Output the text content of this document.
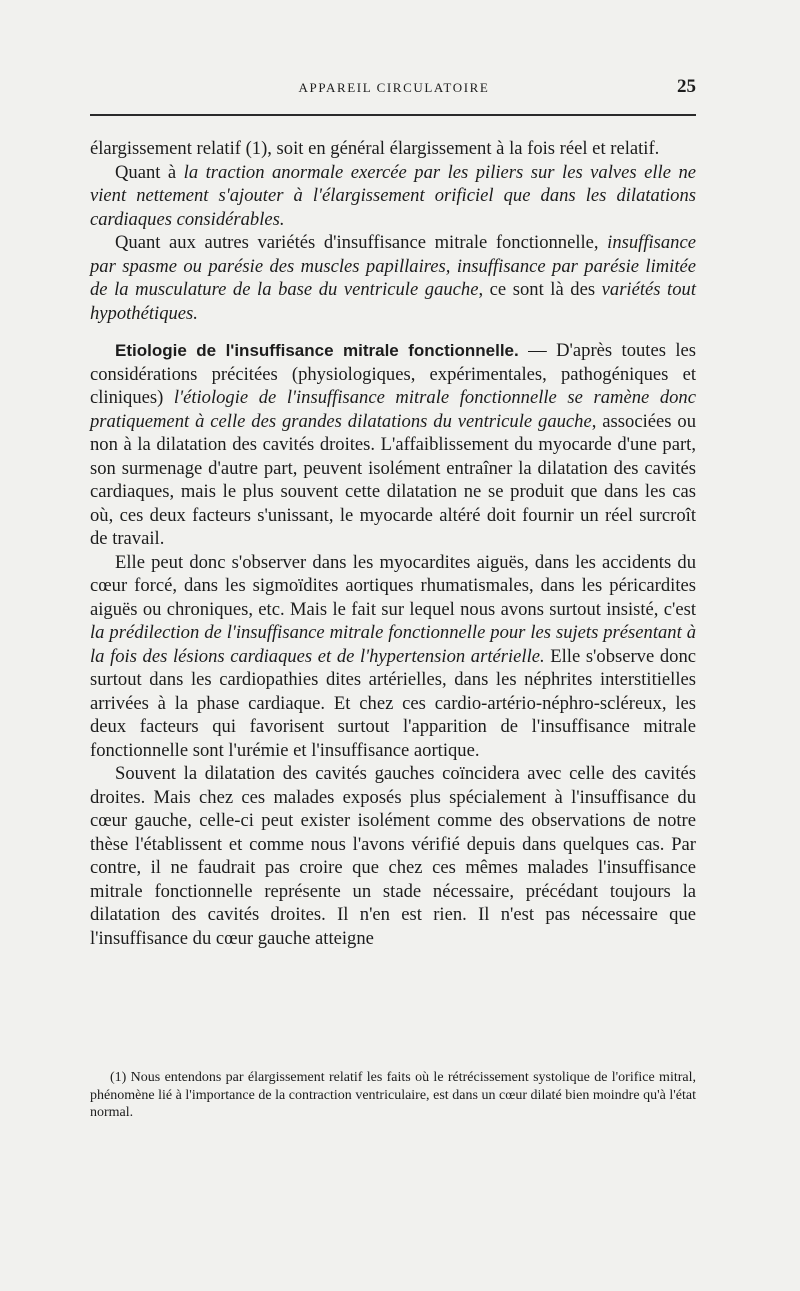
APPAREIL CIRCULATOIRE	25

élargissement relatif (1), soit en général élargissement à la fois réel et relatif.

Quant à la traction anormale exercée par les piliers sur les valves elle ne vient nettement s'ajouter à l'élargissement orificiel que dans les dilatations cardiaques considérables.

Quant aux autres variétés d'insuffisance mitrale fonctionnelle, insuffisance par spasme ou parésie des muscles papillaires, insuffisance par parésie limitée de la musculature de la base du ventricule gauche, ce sont là des variétés tout hypothétiques.

Etiologie de l'insuffisance mitrale fonctionnelle. — D'après toutes les considérations précitées (physiologiques, expérimentales, pathogéniques et cliniques) l'étiologie de l'insuffisance mitrale fonctionnelle se ramène donc pratiquement à celle des grandes dilatations du ventricule gauche, associées ou non à la dilatation des cavités droites. L'affaiblissement du myocarde d'une part, son surmenage d'autre part, peuvent isolément entraîner la dilatation des cavités cardiaques, mais le plus souvent cette dilatation ne se produit que dans les cas où, ces deux facteurs s'unissant, le myocarde altéré doit fournir un réel surcroît de travail.

Elle peut donc s'observer dans les myocardites aiguës, dans les accidents du cœur forcé, dans les sigmoïdites aortiques rhumatismales, dans les péricardites aiguës ou chroniques, etc. Mais le fait sur lequel nous avons surtout insisté, c'est la prédilection de l'insuffisance mitrale fonctionnelle pour les sujets présentant à la fois des lésions cardiaques et de l'hypertension artérielle. Elle s'observe donc surtout dans les cardiopathies dites artérielles, dans les néphrites interstitielles arrivées à la phase cardiaque. Et chez ces cardio-artério-néphro-scléreux, les deux facteurs qui favorisent surtout l'apparition de l'insuffisance mitrale fonctionnelle sont l'urémie et l'insuffisance aortique.

Souvent la dilatation des cavités gauches coïncidera avec celle des cavités droites. Mais chez ces malades exposés plus spécialement à l'insuffisance du cœur gauche, celle-ci peut exister isolément comme des observations de notre thèse l'établissent et comme nous l'avons vérifié depuis dans quelques cas. Par contre, il ne faudrait pas croire que chez ces mêmes malades l'insuffisance mitrale fonctionnelle représente un stade nécessaire, précédant toujours la dilatation des cavités droites. Il n'en est rien. Il n'est pas nécessaire que l'insuffisance du cœur gauche atteigne

(1) Nous entendons par élargissement relatif les faits où le rétrécissement systolique de l'orifice mitral, phénomène lié à l'importance de la contraction ventriculaire, est dans un cœur dilaté bien moindre qu'à l'état normal.
